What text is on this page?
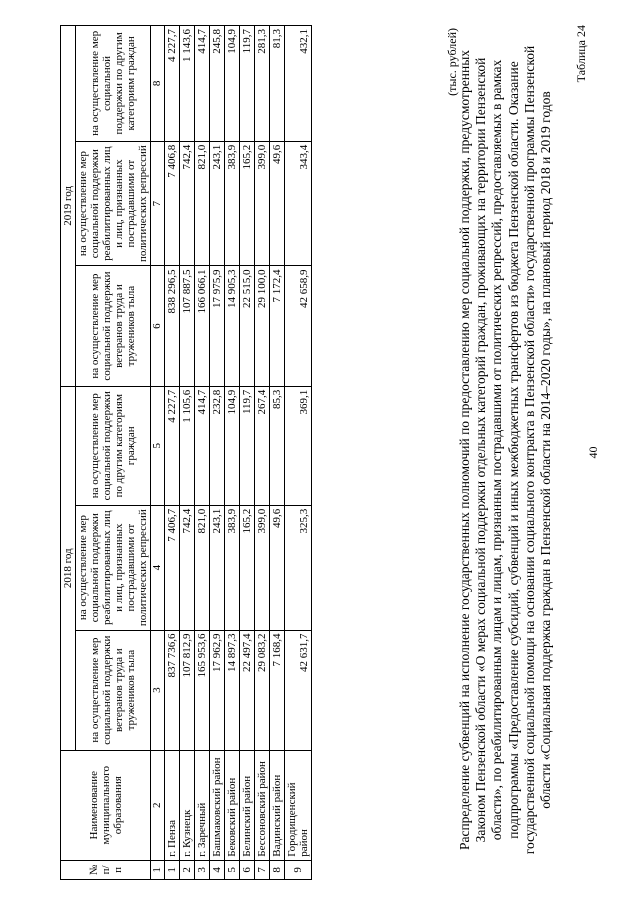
40
Таблица 24
Распределение субвенций на исполнение государственных полномочий по предоставлению мер социальной поддержки, предусмотренных Законом Пензенской области «О мерах социальной поддержки отдельных категорий граждан, проживающих на территории Пензенской области», по реабилитированным лицам и лицам, признанным пострадавшими от политических репрессий, предоставляемых в рамках подпрограммы «Предоставление субсидий, субвенций и иных межбюджетных трансфертов из бюджета Пензенской области. Оказание государственной социальной помощи на основании социального контракта в Пензенской области» государственной программы Пензенской области «Социальная поддержка граждан в Пензенской области на 2014–2020 годы», на плановый период 2018 и 2019 годов
(тыс. рублей)
№ п/п	Наименование муниципального образования	2018 год			2019 год		
		на осуществление мер социальной поддержки ветеранов труда и тружеников тыла	на осуществление мер социальной поддержки реабилитированных лиц и лиц, признанных пострадавшими от политических репрессий	на осуществление мер социальной поддержки по другим категориям граждан	на осуществление мер социальной поддержки ветеранов труда и тружеников тыла	на осуществление мер социальной поддержки реабилитированных лиц и лиц, признанных пострадавшими от политических репрессий	на осуществление мер социальной поддержки по другим категориям граждан
1	2	3	4	5	6	7	8
1	г. Пенза	837 736,6	7 406,7	4 227,7	838 296,5	7 406,8	4 227,7
2	г. Кузнецк	107 812,9	742,4	1 105,6	107 887,5	742,4	1 143,6
3	г. Заречный	165 953,6	821,0	414,7	166 066,1	821,0	414,7
4	Башмаковский район	17 962,9	243,1	232,8	17 975,9	243,1	245,8
5	Бековский район	14 897,3	383,9	104,9	14 905,3	383,9	104,9
6	Белинский район	22 497,4	165,2	119,7	22 515,0	165,2	119,7
7	Бессоновский район	29 083,2	399,0	267,4	29 100,0	399,0	281,3
8	Вадинский район	7 168,4	49,6	85,3	7 172,4	49,6	81,3
9	Городищенский район	42 631,7	325,3	369,1	42 658,9	343,4	432,1
